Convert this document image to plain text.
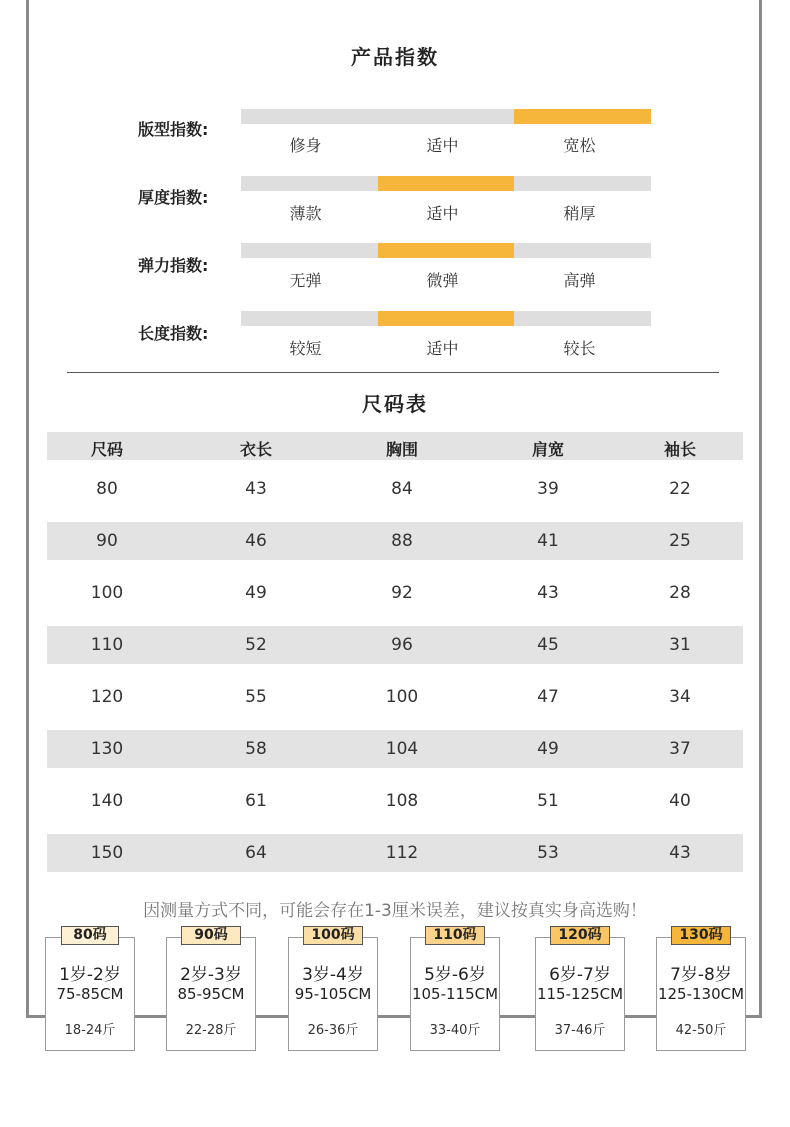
产品指数
版型指数:
修身	适中	宽松
厚度指数:
薄款	适中	稍厚
弹力指数:
无弹	微弹	高弹
长度指数:
较短	适中	较长
尺码表
尺码	衣长	胸围	肩宽	袖长
80	43	84	39	22
90	46	88	41	25
100	49	92	43	28
110	52	96	45	31
120	55	100	47	34
130	58	104	49	37
140	61	108	51	40
150	64	112	53	43
因测量方式不同，可能会存在1-3厘米误差，建议按真实身高选购！
1岁-2岁
75-85CM
18-24斤
80码
2岁-3岁
85-95CM
22-28斤
90码
3岁-4岁
95-105CM
26-36斤
100码
5岁-6岁
105-115CM
33-40斤
110码
6岁-7岁
115-125CM
37-46斤
120码
7岁-8岁
125-130CM
42-50斤
130码
